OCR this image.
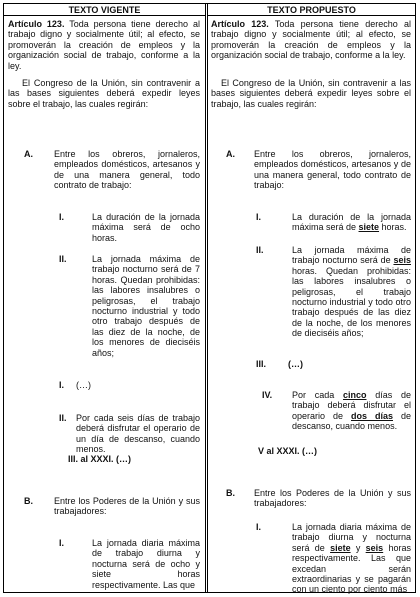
TEXTO VIGENTE	TEXTO PROPUESTO
Artículo 123. Toda persona tiene derecho al trabajo digno y socialmente útil; al efecto, se promoverán la creación de empleos y la organización social de trabajo, conforme a la ley.
El Congreso de la Unión, sin contravenir a las bases siguientes deberá expedir leyes sobre el trabajo, las cuales regirán:
A. Entre los obreros, jornaleros, empleados domésticos, artesanos y de una manera general, todo contrato de trabajo:
I.	La duración de la jornada máxima será de ocho horas.
II.	La jornada máxima de trabajo nocturno será de 7 horas. Quedan prohibidas: las labores insalubres o peligrosas, el trabajo nocturno industrial y todo otro trabajo después de las diez de la noche, de los menores de dieciséis años;
I. (…)
II. Por cada seis días de trabajo deberá disfrutar el operario de un día de descanso, cuando menos.
III. al XXXI. (…)
B. Entre los Poderes de la Unión y sus trabajadores:
I.	La jornada diaria máxima de trabajo diurna y nocturna será de ocho y siete horas respectivamente. Las que
Artículo 123. Toda persona tiene derecho al trabajo digno y socialmente útil; al efecto, se promoverán la creación de empleos y la organización social de trabajo, conforme a la ley.
El Congreso de la Unión, sin contravenir a las bases siguientes deberá expedir leyes sobre el trabajo, las cuales regirán:
A. Entre los obreros, jornaleros, empleados domésticos, artesanos y de una manera general, todo contrato de trabajo:
I.	La duración de la jornada máxima será de siete horas.
II.	La jornada máxima de trabajo nocturno será de seis horas. Quedan prohibidas: las labores insalubres o peligrosas, el trabajo nocturno industrial y todo otro trabajo después de las diez de la noche, de los menores de dieciséis años;
III. (…)
IV. Por cada cinco días de trabajo deberá disfrutar el operario de dos días de descanso, cuando menos.
V al XXXI. (…)
B. Entre los Poderes de la Unión y sus trabajadores:
I.	La jornada diaria máxima de trabajo diurna y nocturna será de siete y seis horas respectivamente. Las que excedan serán extraordinarias y se pagarán con un ciento por ciento más
